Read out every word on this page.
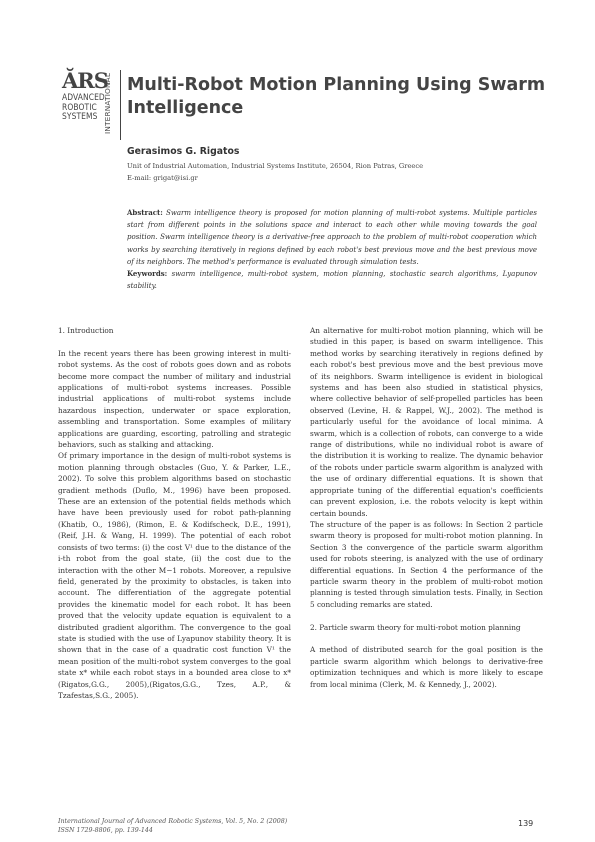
ĂRS
ADVANCED
ROBOTIC
SYSTEMS INTERNATIONAL Multi-Robot Motion Planning Using Swarm Intelligence

Gerasimos G. Rigatos

Unit of Industrial Automation, Industrial Systems Institute, 26504, Rion Patras, Greece
E-mail: grigat@isi.gr
Abstract: Swarm intelligence theory is proposed for motion planning of multi-robot systems. Multiple particles start from different points in the solutions space and interact to each other while moving towards the goal position. Swarm intelligence theory is a derivative-free approach to the problem of multi-robot cooperation which works by searching iteratively in regions defined by each robot's best previous move and the best previous move of its neighbors. The method's performance is evaluated through simulation tests.
Keywords: swarm intelligence, multi-robot system, motion planning, stochastic search algorithms, Lyapunov stability.

1. Introduction

In the recent years there has been growing interest in multi-robot systems. As the cost of robots goes down and as robots become more compact the number of military and industrial applications of multi-robot systems increases. Possible industrial applications of multi-robot systems include hazardous inspection, underwater or space exploration, assembling and transportation. Some examples of military applications are guarding, escorting, patrolling and strategic behaviors, such as stalking and attacking.

Of primary importance in the design of multi-robot systems is motion planning through obstacles (Guo, Y. & Parker, L.E., 2002). To solve this problem algorithms based on stochastic gradient methods (Duflo, M., 1996) have been proposed. These are an extension of the potential fields methods which have have been previously used for robot path-planning (Khatib, O., 1986), (Rimon, E. & Kodifscheck, D.E., 1991), (Reif, J.H. & Wang, H. 1999). The potential of each robot consists of two terms: (i) the cost V¹ due to the distance of the i-th robot from the goal state, (ii) the cost due to the interaction with the other M−1 robots. Moreover, a repulsive field, generated by the proximity to obstacles, is taken into account. The differentiation of the aggregate potential provides the kinematic model for each robot. It has been proved that the velocity update equation is equivalent to a distributed gradient algorithm. The convergence to the goal state is studied with the use of Lyapunov stability theory. It is shown that in the case of a quadratic cost function V¹ the mean position of the multi-robot system converges to the goal state x* while each robot stays in a bounded area close to x* (Rigatos,G.G., 2005),(Rigatos,G.G., Tzes, A.P., & Tzafestas,S.G., 2005).

An alternative for multi-robot motion planning, which will be studied in this paper, is based on swarm intelligence. This method works by searching iteratively in regions defined by each robot's best previous move and the best previous move of its neighbors. Swarm intelligence is evident in biological systems and has been also studied in statistical physics, where collective behavior of self-propelled particles has been observed (Levine, H. & Rappel, W.J., 2002). The method is particularly useful for the avoidance of local minima. A swarm, which is a collection of robots, can converge to a wide range of distributions, while no individual robot is aware of the distribution it is working to realize. The dynamic behavior of the robots under particle swarm algorithm is analyzed with the use of ordinary differential equations. It is shown that appropriate tuning of the differential equation's coefficients can prevent explosion, i.e. the robots velocity is kept within certain bounds.

The structure of the paper is as follows: In Section 2 particle swarm theory is proposed for multi-robot motion planning. In Section 3 the convergence of the particle swarm algorithm used for robots steering, is analyzed with the use of ordinary differential equations. In Section 4 the performance of the particle swarm theory in the problem of multi-robot motion planning is tested through simulation tests. Finally, in Section 5 concluding remarks are stated.

2. Particle swarm theory for multi-robot motion planning

A method of distributed search for the goal position is the particle swarm algorithm which belongs to derivative-free optimization techniques and which is more likely to escape from local minima (Clerk, M. & Kennedy, J., 2002).

International Journal of Advanced Robotic Systems, Vol. 5, No. 2 (2008)
ISSN 1729-8806, pp. 139-144
139
